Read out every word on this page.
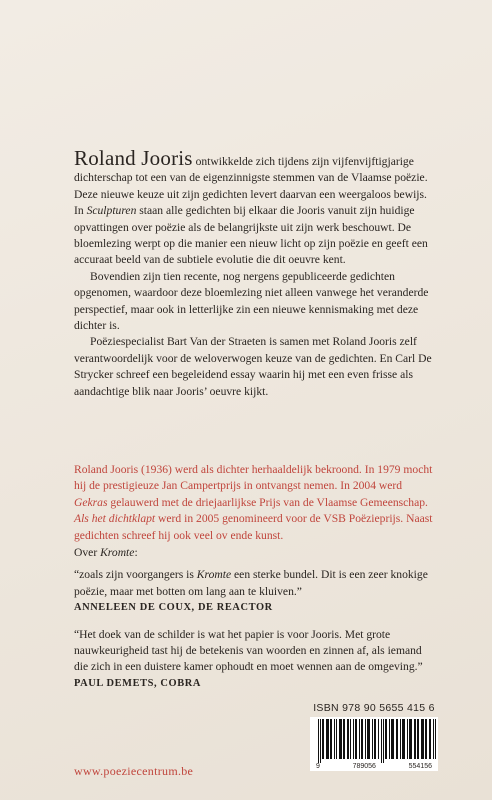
Roland Jooris ontwikkelde zich tijdens zijn vijfenvijftigjarige dichterschap tot een van de eigenzinnigste stemmen van de Vlaamse poëzie. Deze nieuwe keuze uit zijn gedichten levert daarvan een weergaloos bewijs. In Sculpturen staan alle gedichten bij elkaar die Jooris vanuit zijn huidige opvattingen over poëzie als de belangrijkste uit zijn werk beschouwt. De bloemlezing werpt op die manier een nieuw licht op zijn poëzie en geeft een accuraat beeld van de subtiele evolutie die dit oeuvre kent.

Bovendien zijn tien recente, nog nergens gepubliceerde gedichten opgenomen, waardoor deze bloemlezing niet alleen vanwege het veranderde perspectief, maar ook in letterlijke zin een nieuwe kennismaking met deze dichter is.

Poëziespecialist Bart Van der Straeten is samen met Roland Jooris zelf verantwoordelijk voor de weloverwogen keuze van de gedichten. En Carl De Strycker schreef een begeleidend essay waarin hij met een even frisse als aandachtige blik naar Jooris’ oeuvre kijkt.

Roland Jooris (1936) werd als dichter herhaaldelijk bekroond. In 1979 mocht hij de prestigieuze Jan Campertprijs in ontvangst nemen. In 2004 werd Gekras gelauwerd met de driejaarlijkse Prijs van de Vlaamse Gemeenschap. Als het dichtklapt werd in 2005 genomineerd voor de VSB Poëzieprijs. Naast gedichten schreef hij ook veel ov ende kunst.

Over Kromte:

“zoals zijn voorgangers is Kromte een sterke bundel. Dit is een zeer knokige poëzie, maar met botten om lang aan te kluiven.”

ANNELEEN DE COUX, DE REACTOR

“Het doek van de schilder is wat het papier is voor Jooris. Met grote nauwkeurigheid tast hij de betekenis van woorden en zinnen af, als iemand die zich in een duistere kamer ophoudt en moet wennen aan de omgeving.”

PAUL DEMETS, COBRA

ISBN 978 90 5655 415 6
9	789056	554156
www.poeziecentrum.be
